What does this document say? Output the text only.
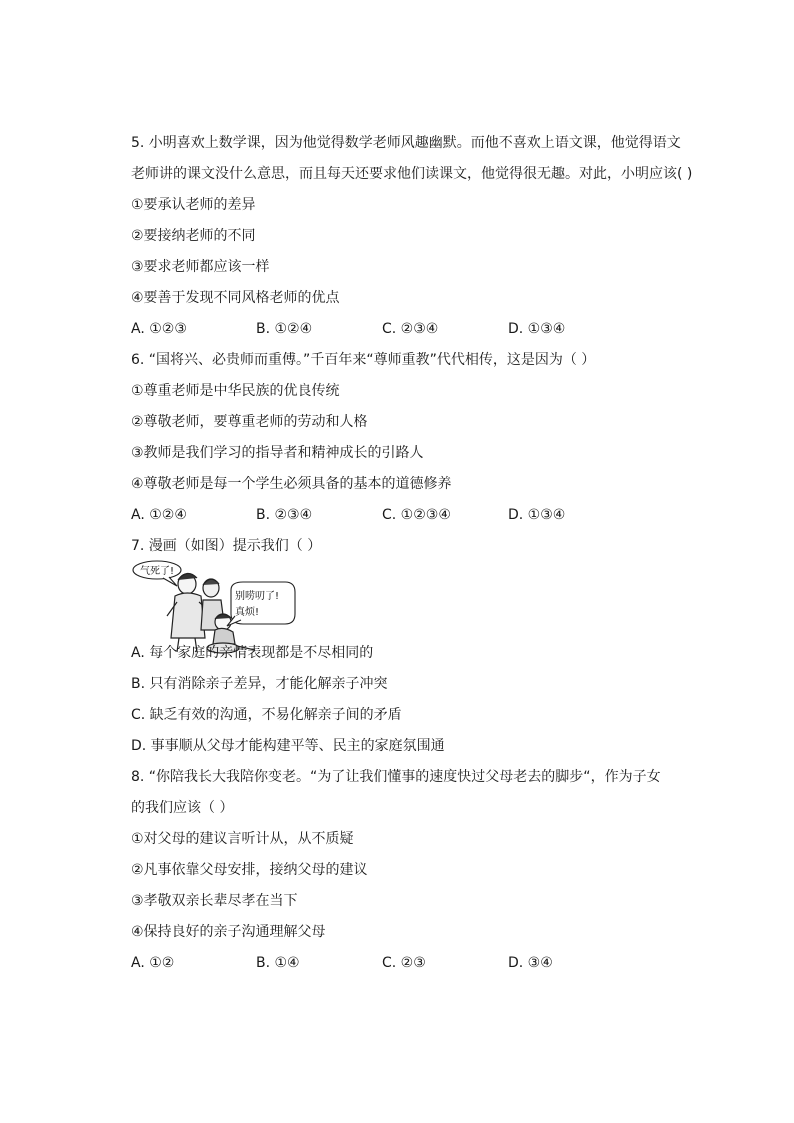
5. 小明喜欢上数学课，因为他觉得数学老师风趣幽默。而他不喜欢上语文课，他觉得语文
老师讲的课文没什么意思，而且每天还要求他们读课文，他觉得很无趣。对此，小明应该( )
①要承认老师的差异
②要接纳老师的不同
③要求老师都应该一样
④要善于发现不同风格老师的优点
A. ①②③	B. ①②④	C. ②③④	D. ①③④
6. “国将兴、必贵师而重傅。”千百年来“尊师重教”代代相传，这是因为（ ）
①尊重老师是中华民族的优良传统
②尊敬老师，要尊重老师的劳动和人格
③教师是我们学习的指导者和精神成长的引路人
④尊敬老师是每一个学生必须具备的基本的道德修养
A. ①②④	B. ②③④	C. ①②③④	D. ①③④
7. 漫画（如图）提示我们（ ）
气死了!
别唠叨了!
真烦!
A. 每个家庭的亲情表现都是不尽相同的
B. 只有消除亲子差异，才能化解亲子冲突
C. 缺乏有效的沟通，不易化解亲子间的矛盾
D. 事事顺从父母才能构建平等、民主的家庭氛围通
8. “你陪我长大我陪你变老。“为了让我们懂事的速度快过父母老去的脚步“，作为子女
的我们应该（ ）
①对父母的建议言听计从，从不质疑
②凡事依靠父母安排，接纳父母的建议
③孝敬双亲长辈尽孝在当下
④保持良好的亲子沟通理解父母
A. ①②	B. ①④	C. ②③	D. ③④
